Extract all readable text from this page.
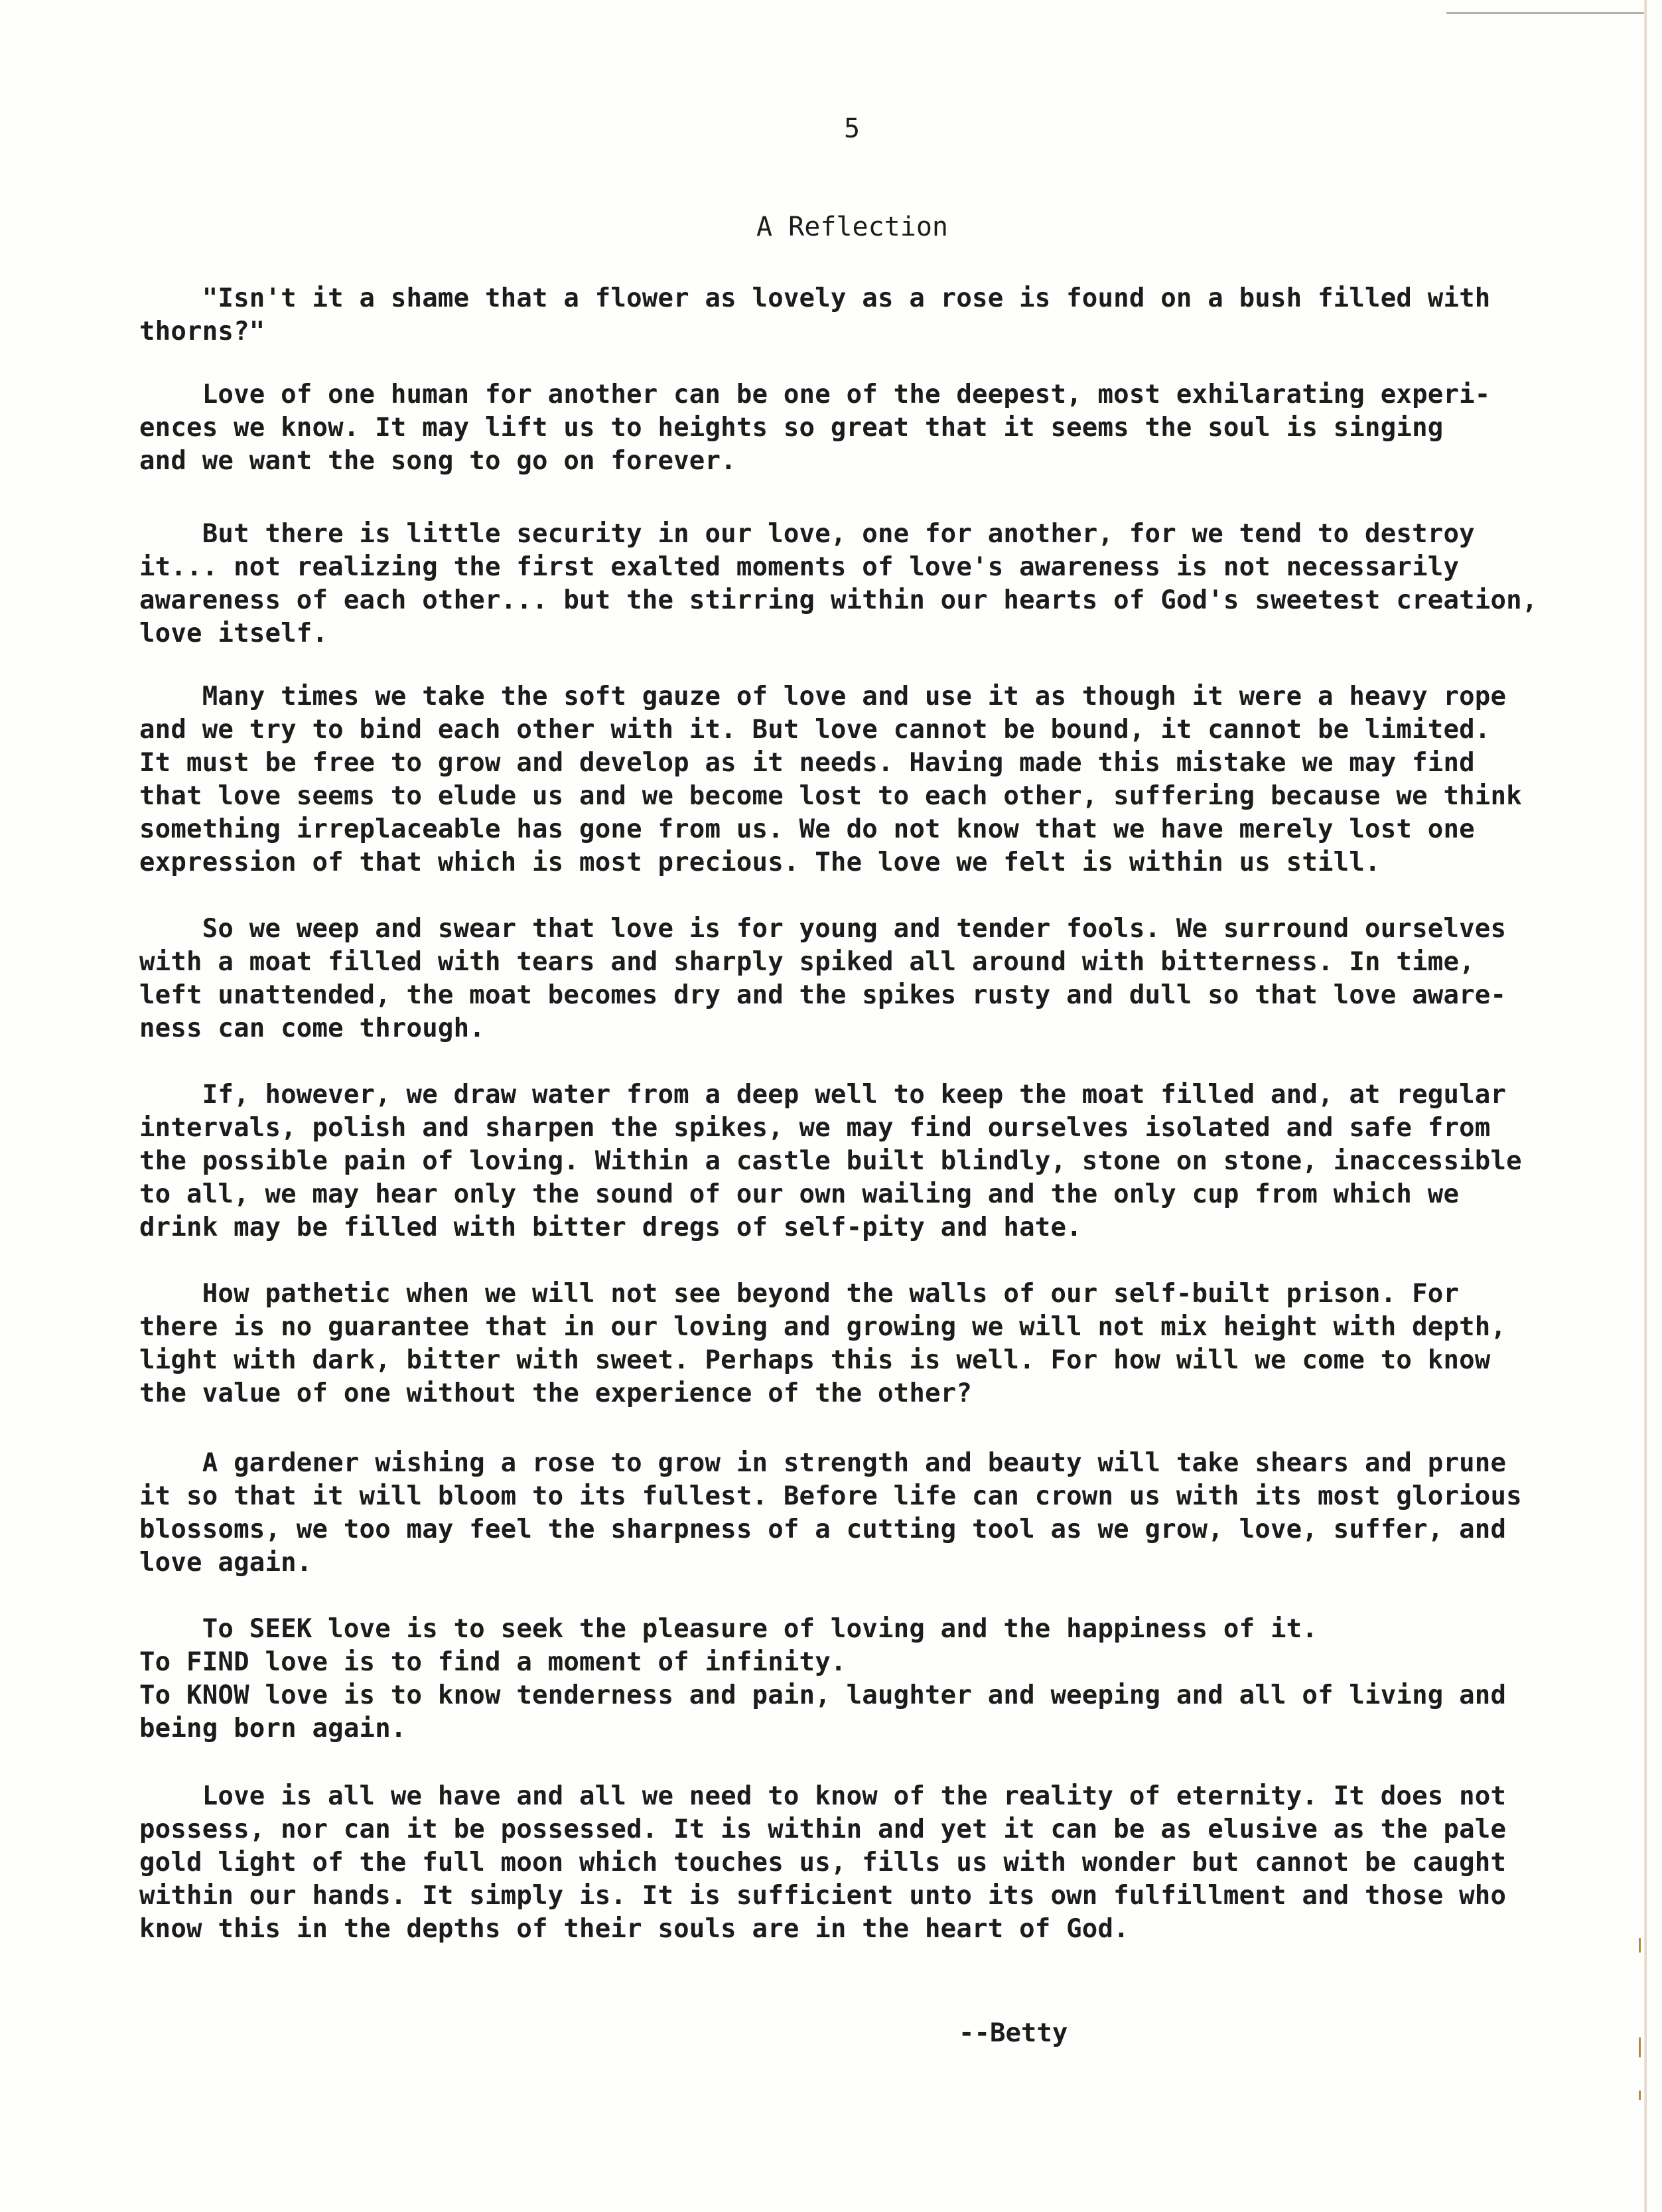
5
A Reflection
"Isn't it a shame that a flower as lovely as a rose is found on a bush filled with
thorns?"
Love of one human for another can be one of the deepest, most exhilarating experi-
ences we know. It may lift us to heights so great that it seems the soul is singing
and we want the song to go on forever.
But there is little security in our love, one for another, for we tend to destroy
it... not realizing the first exalted moments of love's awareness is not necessarily
awareness of each other... but the stirring within our hearts of God's sweetest creation,
love itself.
Many times we take the soft gauze of love and use it as though it were a heavy rope
and we try to bind each other with it. But love cannot be bound, it cannot be limited.
It must be free to grow and develop as it needs. Having made this mistake we may find
that love seems to elude us and we become lost to each other, suffering because we think
something irreplaceable has gone from us. We do not know that we have merely lost one
expression of that which is most precious. The love we felt is within us still.
So we weep and swear that love is for young and tender fools. We surround ourselves
with a moat filled with tears and sharply spiked all around with bitterness. In time,
left unattended, the moat becomes dry and the spikes rusty and dull so that love aware-
ness can come through.
If, however, we draw water from a deep well to keep the moat filled and, at regular
intervals, polish and sharpen the spikes, we may find ourselves isolated and safe from
the possible pain of loving. Within a castle built blindly, stone on stone, inaccessible
to all, we may hear only the sound of our own wailing and the only cup from which we
drink may be filled with bitter dregs of self-pity and hate.
How pathetic when we will not see beyond the walls of our self-built prison. For
there is no guarantee that in our loving and growing we will not mix height with depth,
light with dark, bitter with sweet. Perhaps this is well. For how will we come to know
the value of one without the experience of the other?
A gardener wishing a rose to grow in strength and beauty will take shears and prune
it so that it will bloom to its fullest. Before life can crown us with its most glorious
blossoms, we too may feel the sharpness of a cutting tool as we grow, love, suffer, and
love again.
To SEEK love is to seek the pleasure of loving and the happiness of it.
To FIND love is to find a moment of infinity.
To KNOW love is to know tenderness and pain, laughter and weeping and all of living and
being born again.
Love is all we have and all we need to know of the reality of eternity. It does not
possess, nor can it be possessed. It is within and yet it can be as elusive as the pale
gold light of the full moon which touches us, fills us with wonder but cannot be caught
within our hands. It simply is. It is sufficient unto its own fulfillment and those who
know this in the depths of their souls are in the heart of God.
--Betty
